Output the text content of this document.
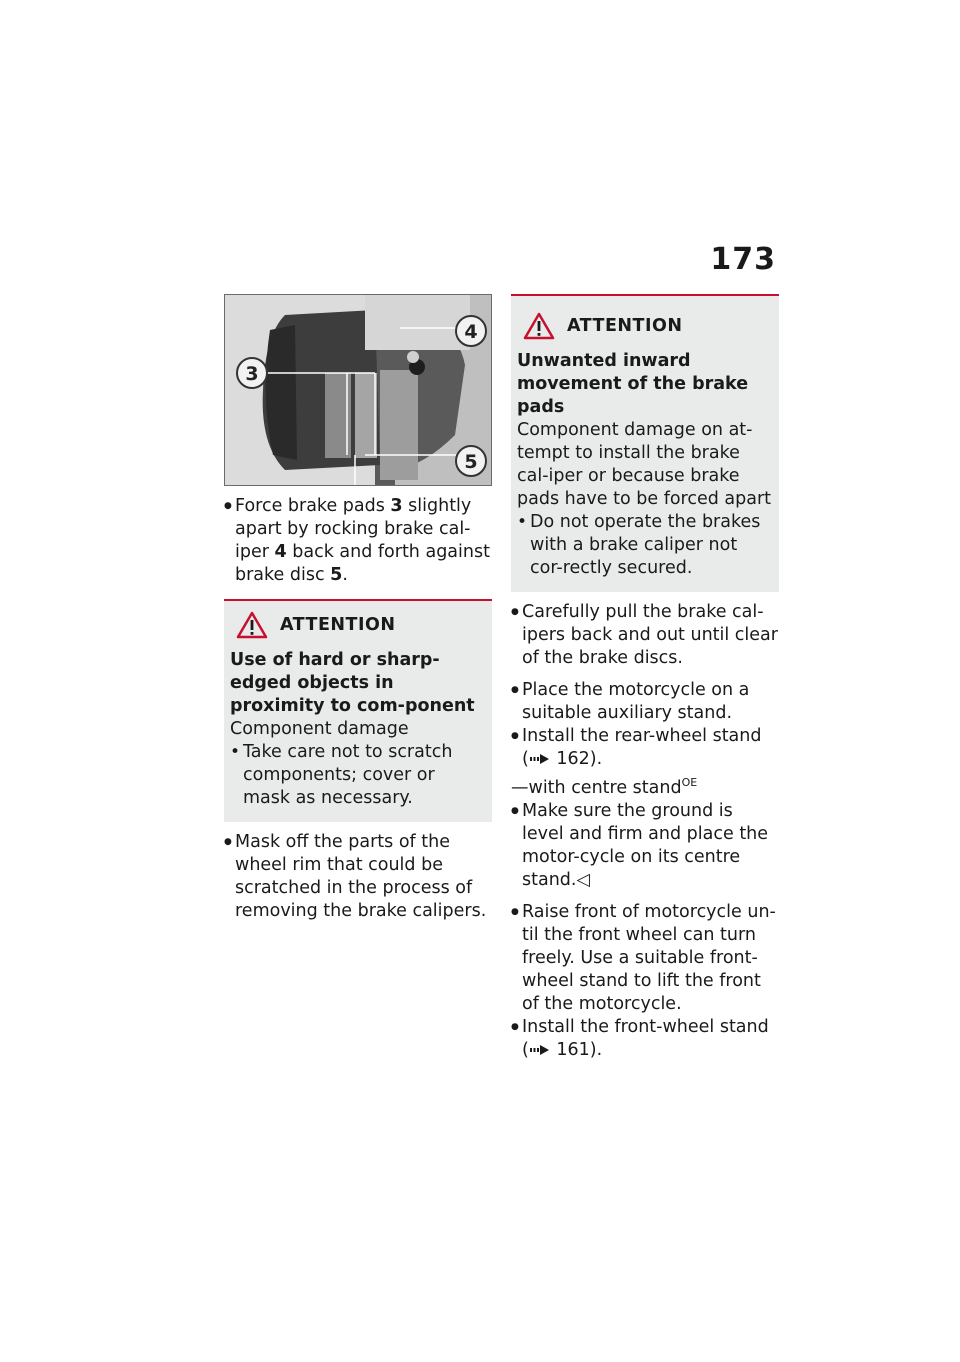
173
4
3
5

● Force brake pads 3 slightly apart by rocking brake cal-iper 4 back and forth against brake disc 5.

ATTENTION
Use of hard or sharp-edged objects in proximity to com-ponent
Component damage

• Take care not to scratch components; cover or mask as necessary.

● Mask off the parts of the wheel rim that could be scratched in the process of removing the brake calipers.

ATTENTION
Unwanted inward movement of the brake pads
Component damage on at-tempt to install the brake cal-iper or because brake pads have to be forced apart

• Do not operate the brakes with a brake caliper not cor-rectly secured.

● Carefully pull the brake cal-ipers back and out until clear of the brake discs.

● Place the motorcycle on a suitable auxiliary stand.

● Install the rear-wheel stand
( 162).

—with centre stand$^{OE}$

● Make sure the ground is level and firm and place the motor-cycle on its centre stand.◁

● Raise front of motorcycle un-til the front wheel can turn freely. Use a suitable front-wheel stand to lift the front of the motorcycle.

● Install the front-wheel stand
( 161).
